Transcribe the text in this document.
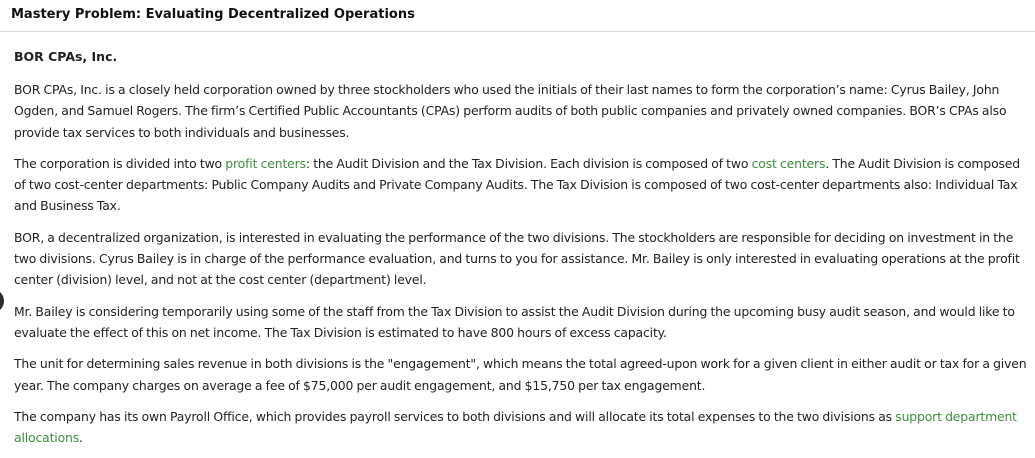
Mastery Problem: Evaluating Decentralized Operations
BOR CPAs, Inc.

BOR CPAs, Inc. is a closely held corporation owned by three stockholders who used the initials of their last names to form the corporation’s name: Cyrus Bailey, John Ogden, and Samuel Rogers. The firm’s Certified Public Accountants (CPAs) perform audits of both public companies and privately owned companies. BOR’s CPAs also provide tax services to both individuals and businesses.

The corporation is divided into two profit centers: the Audit Division and the Tax Division. Each division is composed of two cost centers. The Audit Division is composed of two cost-center departments: Public Company Audits and Private Company Audits. The Tax Division is composed of two cost-center departments also: Individual Tax and Business Tax.

BOR, a decentralized organization, is interested in evaluating the performance of the two divisions. The stockholders are responsible for deciding on investment in the two divisions. Cyrus Bailey is in charge of the performance evaluation, and turns to you for assistance. Mr. Bailey is only interested in evaluating operations at the profit center (division) level, and not at the cost center (department) level.

Mr. Bailey is considering temporarily using some of the staff from the Tax Division to assist the Audit Division during the upcoming busy audit season, and would like to evaluate the effect of this on net income. The Tax Division is estimated to have 800 hours of excess capacity.

The unit for determining sales revenue in both divisions is the "engagement", which means the total agreed-upon work for a given client in either audit or tax for a given year. The company charges on average a fee of $75,000 per audit engagement, and $15,750 per tax engagement.

The company has its own Payroll Office, which provides payroll services to both divisions and will allocate its total expenses to the two divisions as support department allocations.
